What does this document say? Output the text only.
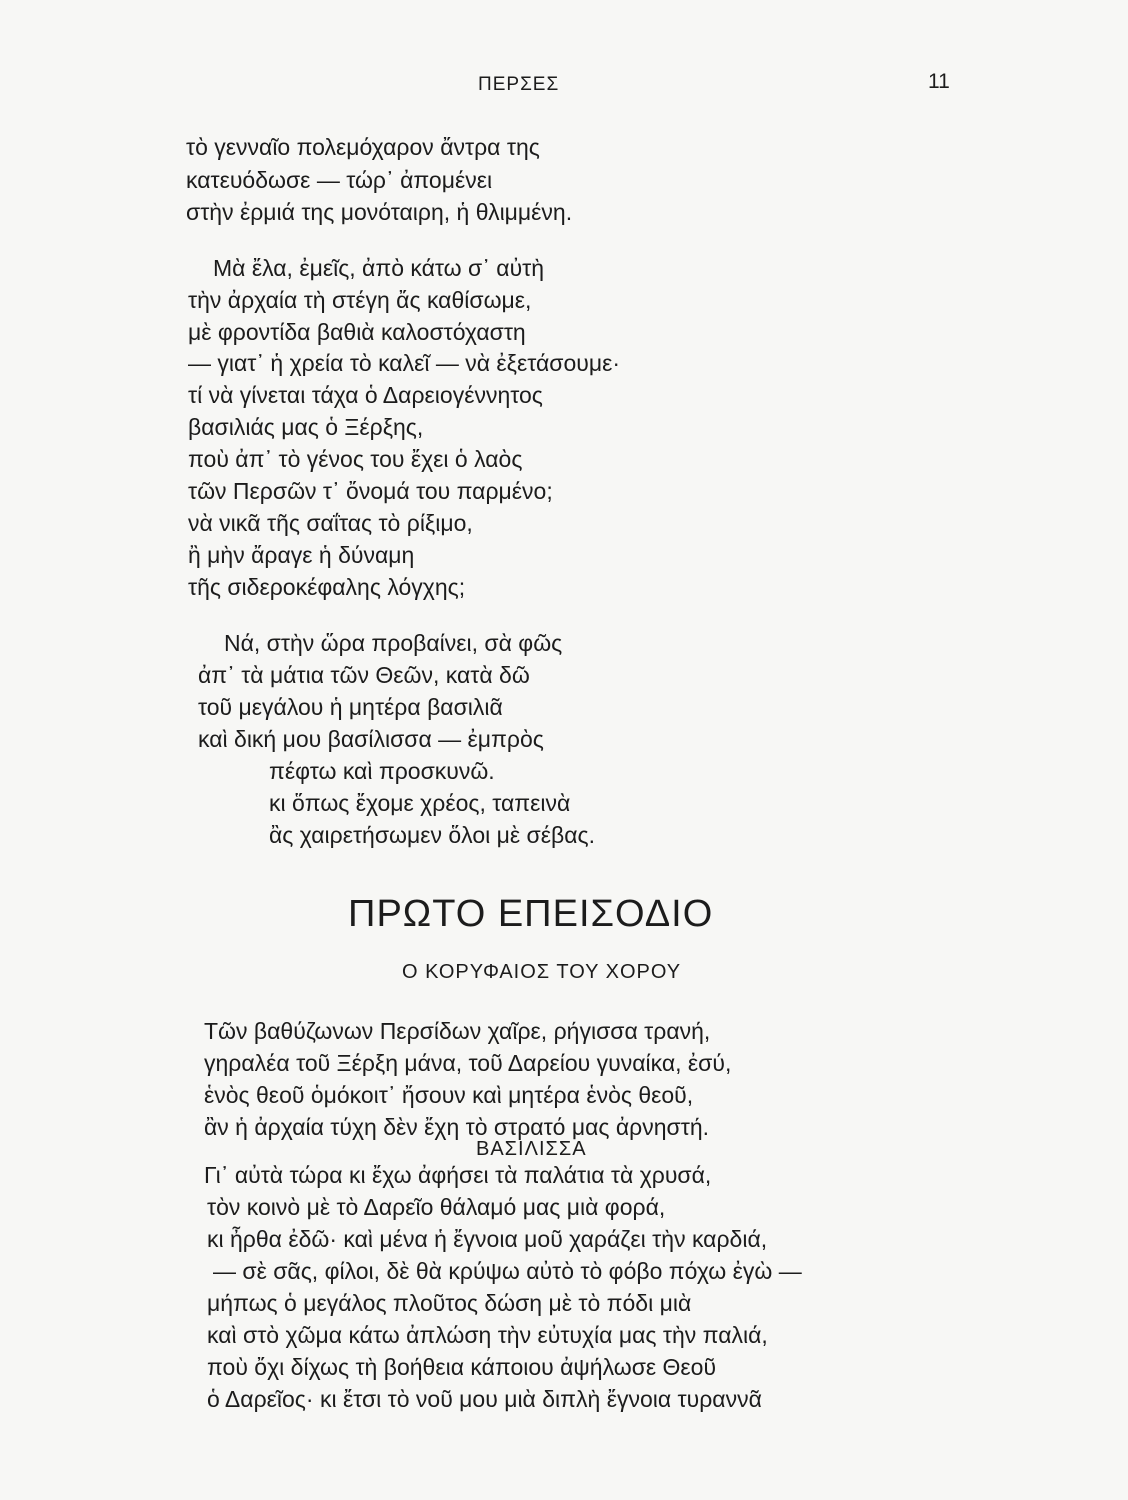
ΠΕΡΣΕΣ	11
τὸ γενναῖο πολεμόχαρον ἄντρα της
κατευόδωσε — τώρ᾽ ἀπομένει
στὴν ἐρμιά της μονόταιρη, ἡ θλιμμένη.
Μὰ ἔλα, ἐμεῖς, ἀπὸ κάτω σ᾽ αὐτὴ
τὴν ἀρχαία τὴ στέγη ἄς καθίσωμε,
μὲ φροντίδα βαθιὰ καλοστόχαστη
— γιατ᾽ ἡ χρεία τὸ καλεῖ — νὰ ἐξετάσουμε·
τί νὰ γίνεται τάχα ὁ Δαρειογέννητος
βασιλιάς μας ὁ Ξέρξης,
ποὺ ἀπ᾽ τὸ γένος του ἔχει ὁ λαὸς
τῶν Περσῶν τ᾽ ὄνομά του παρμένο;
νὰ νικᾶ τῆς σαΐτας τὸ ρίξιμο,
ἢ μὴν ἄραγε ἡ δύναμη
τῆς σιδεροκέφαλης λόγχης;
Νά, στὴν ὥρα προβαίνει, σὰ φῶς
ἀπ᾽ τὰ μάτια τῶν Θεῶν, κατὰ δῶ
τοῦ μεγάλου ἡ μητέρα βασιλιᾶ
καὶ δική μου βασίλισσα — ἐμπρὸς
πέφτω καὶ προσκυνῶ.
κι ὅπως ἔχομε χρέος, ταπεινὰ
ἂς χαιρετήσωμεν ὅλοι μὲ σέβας.
ΠΡΩΤΟ ΕΠΕΙΣΟΔΙΟ
Ο ΚΟΡΥΦΑΙΟΣ ΤΟΥ ΧΟΡΟΥ
Τῶν βαθύζωνων Περσίδων χαῖρε, ρήγισσα τρανή,
γηραλέα τοῦ Ξέρξη μάνα, τοῦ Δαρείου γυναίκα, ἐσύ,
ἑνὸς θεοῦ ὁμόκοιτ᾽ ἤσουν καὶ μητέρα ἑνὸς θεοῦ,
ἂν ἡ ἀρχαία τύχη δὲν ἔχη τὸ στρατό μας ἀρνηστή.
ΒΑΣΙΛΙΣΣΑ
Γι᾽ αὐτὰ τώρα κι ἔχω ἀφήσει τὰ παλάτια τὰ χρυσά,
τὸν κοινὸ μὲ τὸ Δαρεῖο θάλαμό μας μιὰ φορά,
κι ἦρθα ἐδῶ· καὶ μένα ἡ ἔγνοια μοῦ χαράζει τὴν καρδιά,
— σὲ σᾶς, φίλοι, δὲ θὰ κρύψω αὐτὸ τὸ φόβο πόχω ἐγὼ —
μήπως ὁ μεγάλος πλοῦτος δώση μὲ τὸ πόδι μιὰ
καὶ στὸ χῶμα κάτω ἀπλώση τὴν εὐτυχία μας τὴν παλιά,
ποὺ ὄχι δίχως τὴ βοήθεια κάποιου ἀψήλωσε Θεοῦ
ὁ Δαρεῖος· κι ἔτσι τὸ νοῦ μου μιὰ διπλὴ ἔγνοια τυραννᾶ
